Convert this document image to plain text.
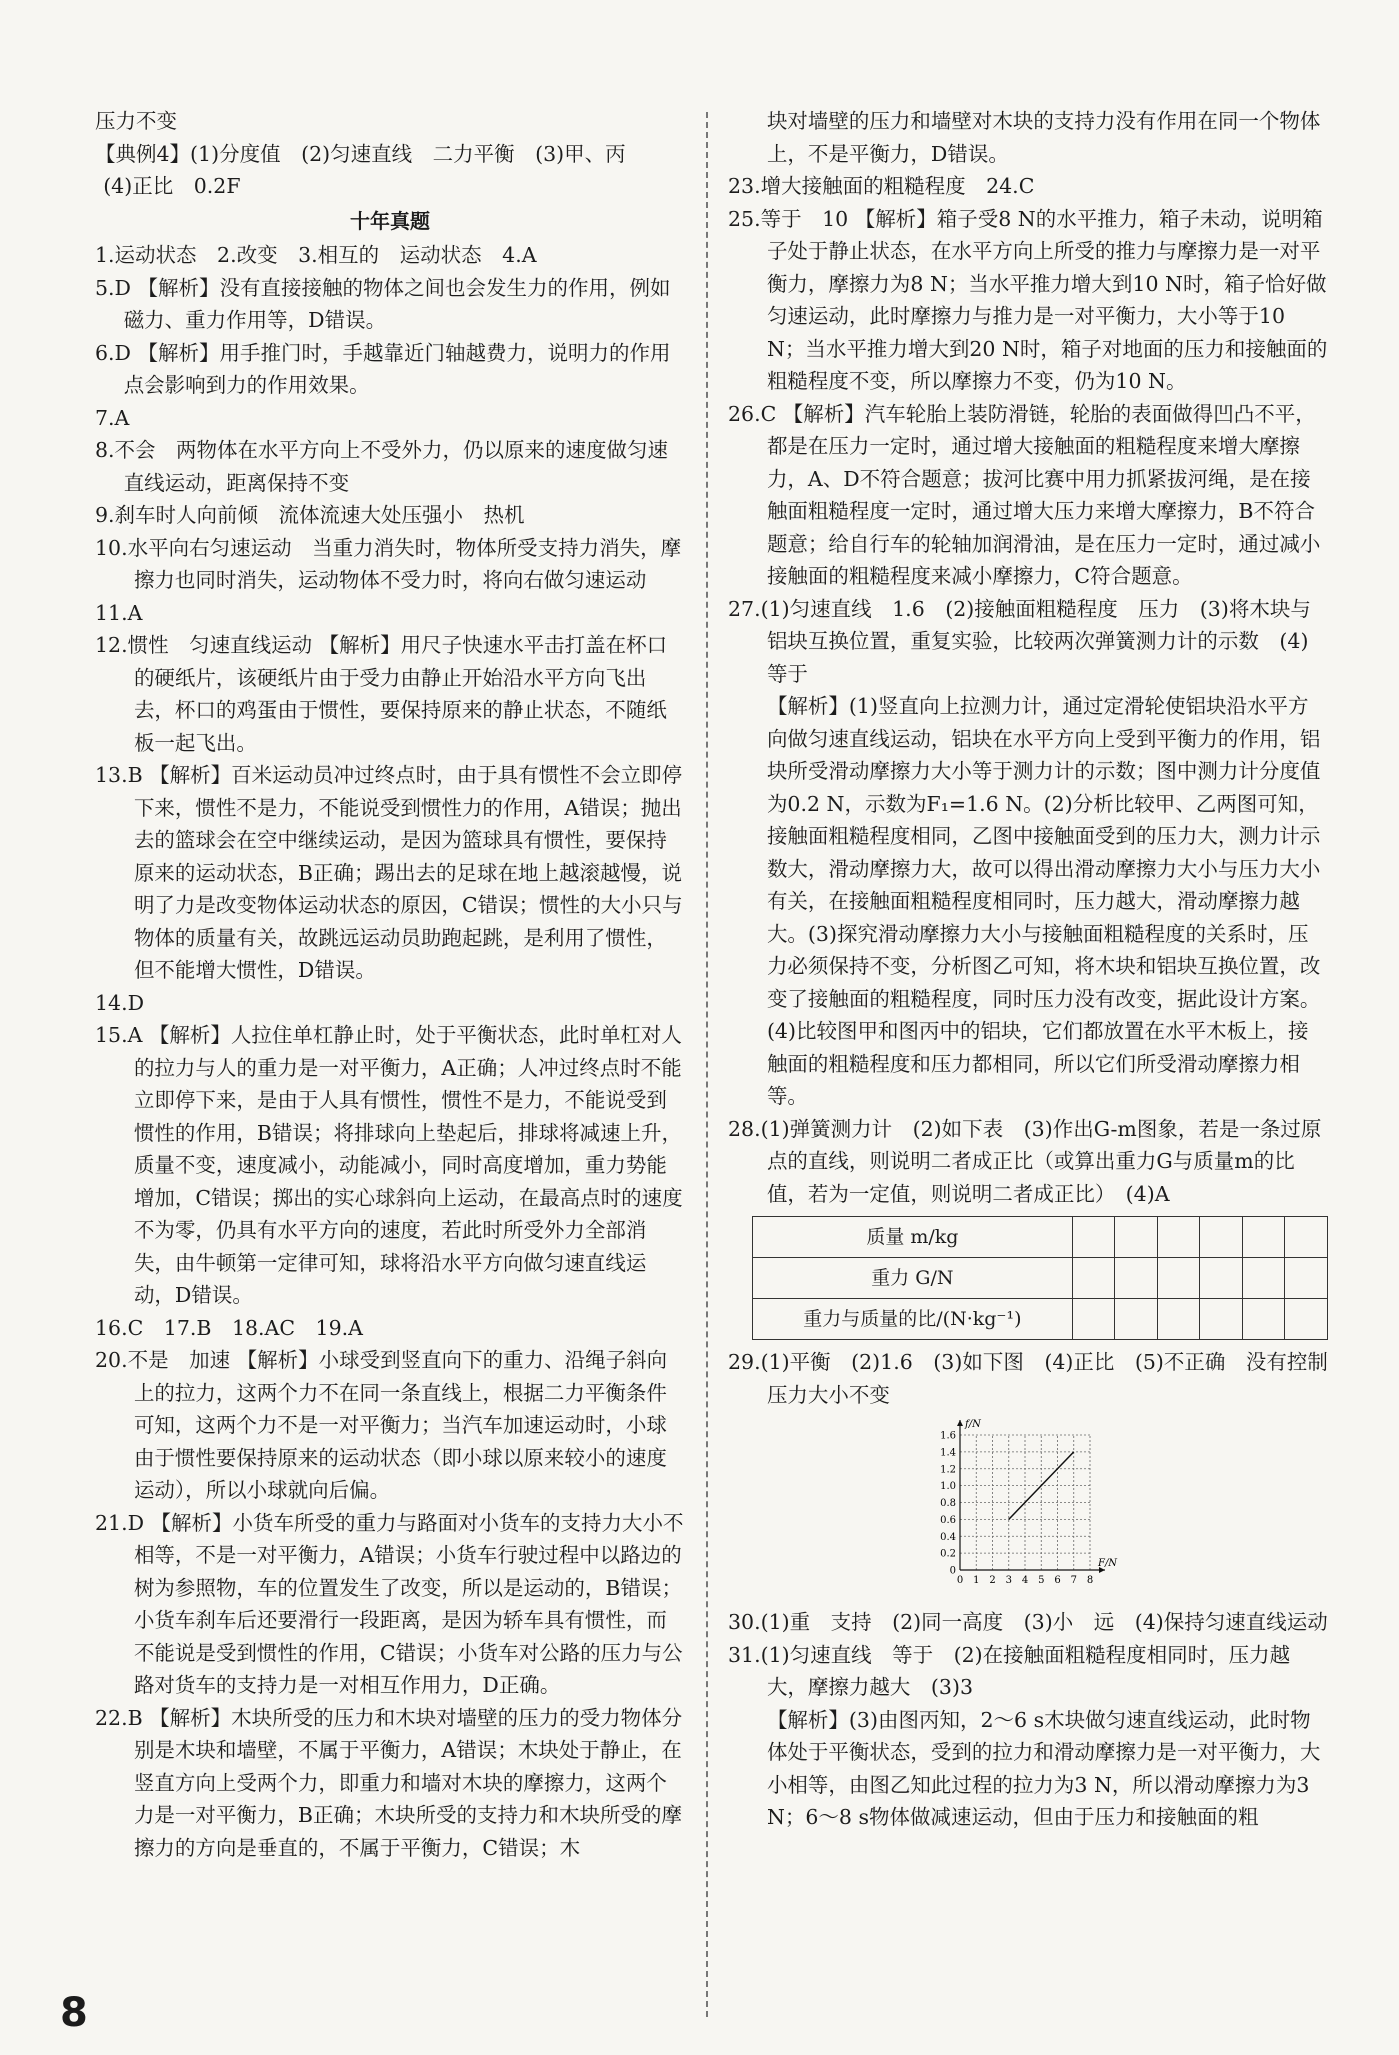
压力不变

【典例4】(1)分度值　(2)匀速直线　二力平衡　(3)甲、丙

(4)正比　0.2F

十年真题

1.运动状态　2.改变　3.相互的　运动状态　4.A

5.D 【解析】没有直接接触的物体之间也会发生力的作用，例如磁力、重力作用等，D错误。

6.D 【解析】用手推门时，手越靠近门轴越费力，说明力的作用点会影响到力的作用效果。

7.A

8.不会　两物体在水平方向上不受外力，仍以原来的速度做匀速直线运动，距离保持不变

9.刹车时人向前倾　流体流速大处压强小　热机

10.水平向右匀速运动　当重力消失时，物体所受支持力消失，摩擦力也同时消失，运动物体不受力时，将向右做匀速运动

11.A

12.惯性　匀速直线运动 【解析】用尺子快速水平击打盖在杯口的硬纸片，该硬纸片由于受力由静止开始沿水平方向飞出去，杯口的鸡蛋由于惯性，要保持原来的静止状态，不随纸板一起飞出。

13.B 【解析】百米运动员冲过终点时，由于具有惯性不会立即停下来，惯性不是力，不能说受到惯性力的作用，A错误；抛出去的篮球会在空中继续运动，是因为篮球具有惯性，要保持原来的运动状态，B正确；踢出去的足球在地上越滚越慢，说明了力是改变物体运动状态的原因，C错误；惯性的大小只与物体的质量有关，故跳远运动员助跑起跳，是利用了惯性，但不能增大惯性，D错误。

14.D

15.A 【解析】人拉住单杠静止时，处于平衡状态，此时单杠对人的拉力与人的重力是一对平衡力，A正确；人冲过终点时不能立即停下来，是由于人具有惯性，惯性不是力，不能说受到惯性的作用，B错误；将排球向上垫起后，排球将减速上升，质量不变，速度减小，动能减小，同时高度增加，重力势能增加，C错误；掷出的实心球斜向上运动，在最高点时的速度不为零，仍具有水平方向的速度，若此时所受外力全部消失，由牛顿第一定律可知，球将沿水平方向做匀速直线运动，D错误。

16.C　17.B　18.AC　19.A

20.不是　加速 【解析】小球受到竖直向下的重力、沿绳子斜向上的拉力，这两个力不在同一条直线上，根据二力平衡条件可知，这两个力不是一对平衡力；当汽车加速运动时，小球由于惯性要保持原来的运动状态（即小球以原来较小的速度运动），所以小球就向后偏。

21.D 【解析】小货车所受的重力与路面对小货车的支持力大小不相等，不是一对平衡力，A错误；小货车行驶过程中以路边的树为参照物，车的位置发生了改变，所以是运动的，B错误；小货车刹车后还要滑行一段距离，是因为轿车具有惯性，而不能说是受到惯性的作用，C错误；小货车对公路的压力与公路对货车的支持力是一对相互作用力，D正确。

22.B 【解析】木块所受的压力和木块对墙壁的压力的受力物体分别是木块和墙壁，不属于平衡力，A错误；木块处于静止，在竖直方向上受两个力，即重力和墙对木块的摩擦力，这两个力是一对平衡力，B正确；木块所受的支持力和木块所受的摩擦力的方向是垂直的，不属于平衡力，C错误；木

块对墙壁的压力和墙壁对木块的支持力没有作用在同一个物体上，不是平衡力，D错误。

23.增大接触面的粗糙程度　24.C

25.等于　10 【解析】箱子受8 N的水平推力，箱子未动，说明箱子处于静止状态，在水平方向上所受的推力与摩擦力是一对平衡力，摩擦力为8 N；当水平推力增大到10 N时，箱子恰好做匀速运动，此时摩擦力与推力是一对平衡力，大小等于10 N；当水平推力增大到20 N时，箱子对地面的压力和接触面的粗糙程度不变，所以摩擦力不变，仍为10 N。

26.C 【解析】汽车轮胎上装防滑链，轮胎的表面做得凹凸不平，都是在压力一定时，通过增大接触面的粗糙程度来增大摩擦力，A、D不符合题意；拔河比赛中用力抓紧拔河绳，是在接触面粗糙程度一定时，通过增大压力来增大摩擦力，B不符合题意；给自行车的轮轴加润滑油，是在压力一定时，通过减小接触面的粗糙程度来减小摩擦力，C符合题意。

27.(1)匀速直线　1.6　(2)接触面粗糙程度　压力　(3)将木块与铝块互换位置，重复实验，比较两次弹簧测力计的示数　(4)等于

【解析】(1)竖直向上拉测力计，通过定滑轮使铝块沿水平方向做匀速直线运动，铝块在水平方向上受到平衡力的作用，铝块所受滑动摩擦力大小等于测力计的示数；图中测力计分度值为0.2 N，示数为F₁=1.6 N。(2)分析比较甲、乙两图可知，接触面粗糙程度相同，乙图中接触面受到的压力大，测力计示数大，滑动摩擦力大，故可以得出滑动摩擦力大小与压力大小有关，在接触面粗糙程度相同时，压力越大，滑动摩擦力越大。(3)探究滑动摩擦力大小与接触面粗糙程度的关系时，压力必须保持不变，分析图乙可知，将木块和铝块互换位置，改变了接触面的粗糙程度，同时压力没有改变，据此设计方案。(4)比较图甲和图丙中的铝块，它们都放置在水平木板上，接触面的粗糙程度和压力都相同，所以它们所受滑动摩擦力相等。

28.(1)弹簧测力计　(2)如下表　(3)作出G-m图象，若是一条过原点的直线，则说明二者成正比（或算出重力G与质量m的比值，若为一定值，则说明二者成正比）　(4)A

质量 m/kg						
重力 G/N						
重力与质量的比/(N·kg⁻¹)						

29.(1)平衡　(2)1.6　(3)如下图　(4)正比　(5)不正确　没有控制压力大小不变

0 1 2 3 4 5 6 7 8
0
0.2
0.4
0.6
0.8
1.0
1.2
1.4
1.6
F/N
f/N

30.(1)重　支持　(2)同一高度　(3)小　远　(4)保持匀速直线运动

31.(1)匀速直线　等于　(2)在接触面粗糙程度相同时，压力越大，摩擦力越大　(3)3

【解析】(3)由图丙知，2～6 s木块做匀速直线运动，此时物体处于平衡状态，受到的拉力和滑动摩擦力是一对平衡力，大小相等，由图乙知此过程的拉力为3 N，所以滑动摩擦力为3 N；6～8 s物体做减速运动，但由于压力和接触面的粗

8
